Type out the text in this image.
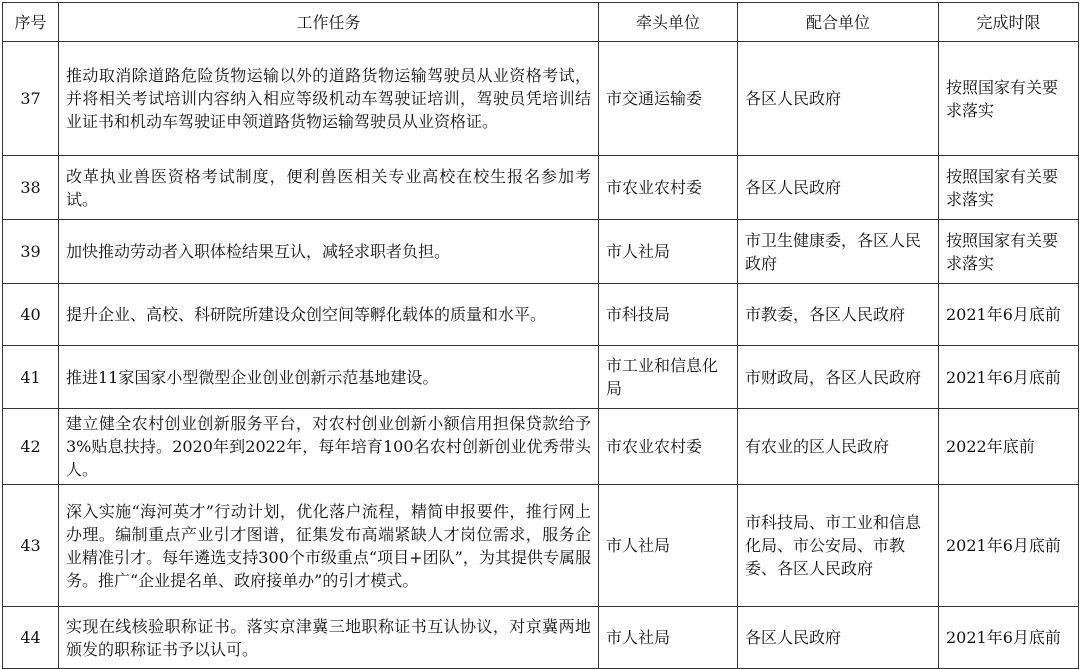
序号	工作任务	牵头单位	配合单位	完成时限
37	推动取消除道路危险货物运输以外的道路货物运输驾驶员从业资格考试，并将相关考试培训内容纳入相应等级机动车驾驶证培训，驾驶员凭培训结业证书和机动车驾驶证申领道路货物运输驾驶员从业资格证。	市交通运输委	各区人民政府	按照国家有关要求落实
38	改革执业兽医资格考试制度，便利兽医相关专业高校在校生报名参加考试。	市农业农村委	各区人民政府	按照国家有关要求落实
39	加快推动劳动者入职体检结果互认，减轻求职者负担。	市人社局	市卫生健康委，各区人民政府	按照国家有关要求落实
40	提升企业、高校、科研院所建设众创空间等孵化载体的质量和水平。	市科技局	市教委，各区人民政府	2021年6月底前
41	推进11家国家小型微型企业创业创新示范基地建设。	市工业和信息化局	市财政局，各区人民政府	2021年6月底前
42	建立健全农村创业创新服务平台，对农村创业创新小额信用担保贷款给予3%贴息扶持。2020年到2022年，每年培育100名农村创新创业优秀带头人。	市农业农村委	有农业的区人民政府	2022年底前
43	深入实施“海河英才”行动计划，优化落户流程，精简申报要件，推行网上办理。编制重点产业引才图谱，征集发布高端紧缺人才岗位需求，服务企业精准引才。每年遴选支持300个市级重点“项目+团队”，为其提供专属服务。推广“企业提名单、政府接单办”的引才模式。	市人社局	市科技局、市工业和信息化局、市公安局、市教委、各区人民政府	2021年6月底前
44	实现在线核验职称证书。落实京津冀三地职称证书互认协议，对京冀两地颁发的职称证书予以认可。	市人社局	各区人民政府	2021年6月底前
